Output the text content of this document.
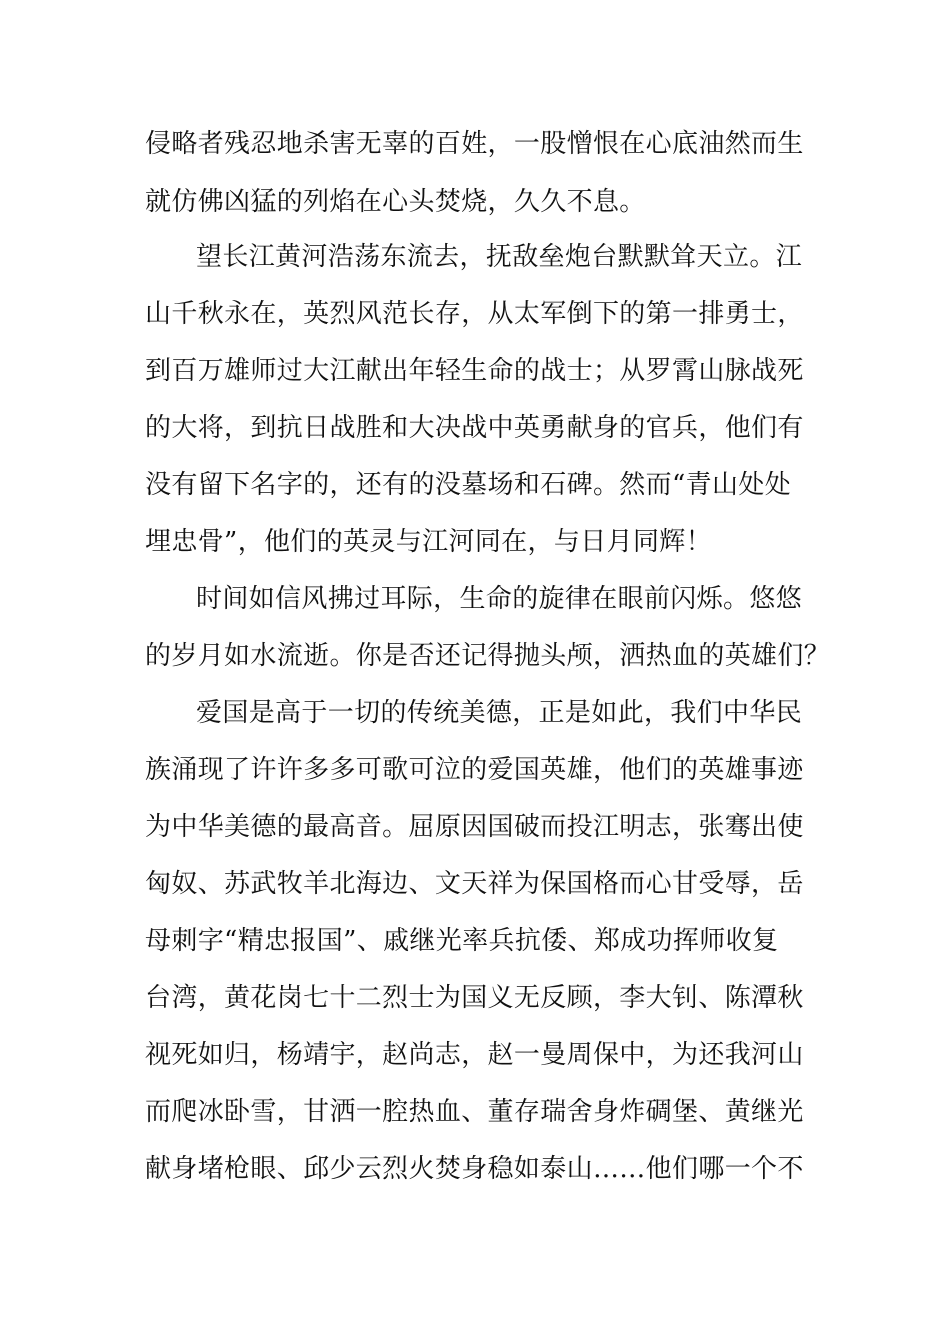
侵略者残忍地杀害无辜的百姓，一股憎恨在心底油然而生

就仿佛凶猛的列焰在心头焚烧，久久不息。

望长江黄河浩荡东流去，抚敌垒炮台默默耸天立。江

山千秋永在，英烈风范长存，从太军倒下的第一排勇士，

到百万雄师过大江献出年轻生命的战士；从罗霄山脉战死

的大将，到抗日战胜和大决战中英勇献身的官兵，他们有

没有留下名字的，还有的没墓场和石碑。然而“青山处处

埋忠骨”，他们的英灵与江河同在，与日月同辉！

时间如信风拂过耳际，生命的旋律在眼前闪烁。悠悠

的岁月如水流逝。你是否还记得抛头颅，洒热血的英雄们？

爱国是高于一切的传统美德，正是如此，我们中华民

族涌现了许许多多可歌可泣的爱国英雄，他们的英雄事迹

为中华美德的最高音。屈原因国破而投江明志，张骞出使

匈奴、苏武牧羊北海边、文天祥为保国格而心甘受辱，岳

母刺字“精忠报国”、戚继光率兵抗倭、郑成功挥师收复

台湾，黄花岗七十二烈士为国义无反顾，李大钊、陈潭秋

视死如归，杨靖宇，赵尚志，赵一曼周保中，为还我河山

而爬冰卧雪，甘洒一腔热血、董存瑞舍身炸碉堡、黄继光

献身堵枪眼、邱少云烈火焚身稳如泰山……他们哪一个不
